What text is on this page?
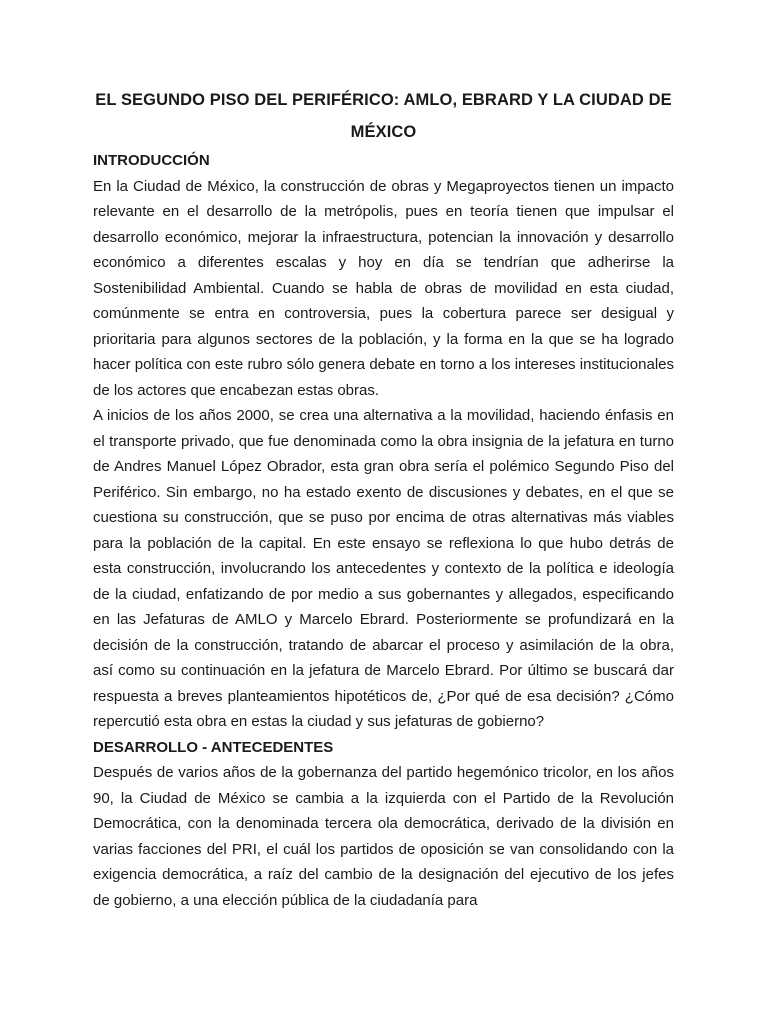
EL SEGUNDO PISO DEL PERIFÉRICO: AMLO, EBRARD Y LA CIUDAD DE MÉXICO
INTRODUCCIÓN

En la Ciudad de México, la construcción de obras y Megaproyectos tienen un impacto relevante en el desarrollo de la metrópolis, pues en teoría tienen que impulsar el desarrollo económico, mejorar la infraestructura, potencian la innovación y desarrollo económico a diferentes escalas y hoy en día se tendrían que adherirse la Sostenibilidad Ambiental. Cuando se habla de obras de movilidad en esta ciudad, comúnmente se entra en controversia, pues la cobertura parece ser desigual y prioritaria para algunos sectores de la población, y la forma en la que se ha logrado hacer política con este rubro sólo genera debate en torno a los intereses institucionales de los actores que encabezan estas obras.

A inicios de los años 2000, se crea una alternativa a la movilidad, haciendo énfasis en el transporte privado, que fue denominada como la obra insignia de la jefatura en turno de Andres Manuel López Obrador, esta gran obra sería el polémico Segundo Piso del Periférico. Sin embargo, no ha estado exento de discusiones y debates, en el que se cuestiona su construcción, que se puso por encima de otras alternativas más viables para la población de la capital. En este ensayo se reflexiona lo que hubo detrás de esta construcción, involucrando los antecedentes y contexto de la política e ideología de la ciudad, enfatizando de por medio a sus gobernantes y allegados, especificando en las Jefaturas de AMLO y Marcelo Ebrard. Posteriormente se profundizará en la decisión de la construcción, tratando de abarcar el proceso y asimilación de la obra, así como su continuación en la jefatura de Marcelo Ebrard. Por último se buscará dar respuesta a breves planteamientos hipotéticos de, ¿Por qué de esa decisión? ¿Cómo repercutió esta obra en estas la ciudad y sus jefaturas de gobierno?

DESARROLLO - ANTECEDENTES

Después de varios años de la gobernanza del partido hegemónico tricolor, en los años 90, la Ciudad de México se cambia a la izquierda con el Partido de la Revolución Democrática, con la denominada tercera ola democrática, derivado de la división en varias facciones del PRI, el cuál los partidos de oposición se van consolidando con la exigencia democrática, a raíz del cambio de la designación del ejecutivo de los jefes de gobierno, a una elección pública de la ciudadanía para
